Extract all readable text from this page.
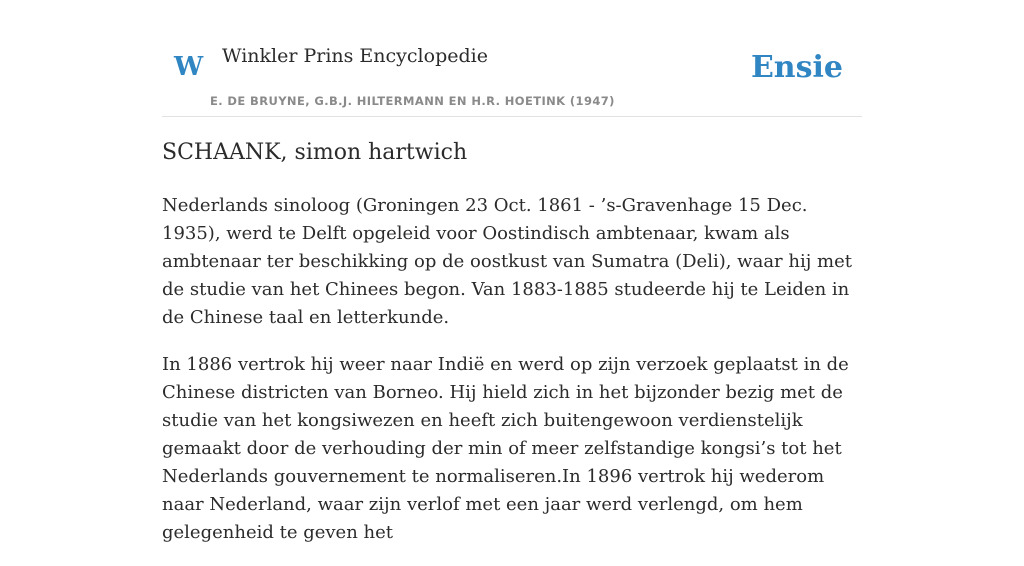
W Winkler Prins Encyclopedie
E. DE BRUYNE, G.B.J. HILTERMANN EN H.R. HOETINK (1947)
Ensie
SCHAANK, simon hartwich

Nederlands sinoloog (Groningen 23 Oct. 1861 - ’s-Gravenhage 15 Dec. 1935), werd te Delft opgeleid voor Oostindisch ambtenaar, kwam als ambtenaar ter beschikking op de oostkust van Sumatra (Deli), waar hij met de studie van het Chinees begon. Van 1883-1885 studeerde hij te Leiden in de Chinese taal en letterkunde.

In 1886 vertrok hij weer naar Indië en werd op zijn verzoek geplaatst in de Chinese districten van Borneo. Hij hield zich in het bijzonder bezig met de studie van het kongsiwezen en heeft zich buitengewoon verdienstelijk gemaakt door de verhouding der min of meer zelfstandige kongsi’s tot het Nederlands gouvernement te normaliseren.In 1896 vertrok hij wederom naar Nederland, waar zijn verlof met een jaar werd verlengd, om hem gelegenheid te geven het
